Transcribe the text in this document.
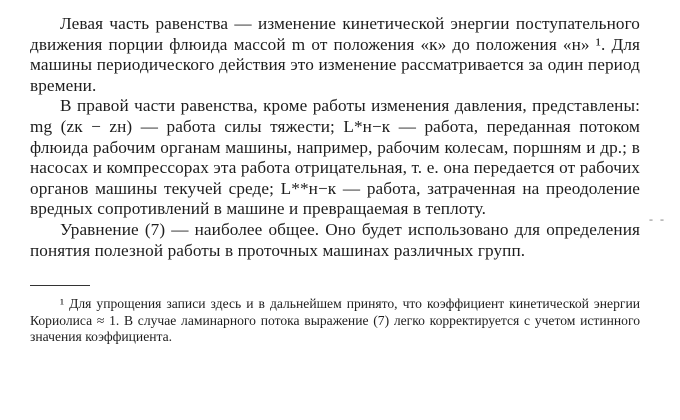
Левая часть равенства — изменение кинетической энергии поступательного движения порции флюида массой m от положения «к» до положения «н» ¹. Для машины периодического действия это изменение рассматривается за один период времени.

В правой части равенства, кроме работы изменения давления, представлены: mg (zк − zн) — работа силы тяжести; L*н−к — работа, переданная потоком флюида рабочим органам машины, например, рабочим колесам, поршням и др.; в насосах и компрессорах эта работа отрицательная, т. е. она передается от рабочих органов машины текучей среде; L**н−к — работа, затраченная на преодоление вредных сопротивлений в машине и превращаемая в теплоту.

Уравнение (7) — наиболее общее. Оно будет использовано для определения понятия полезной работы в проточных машинах различных групп.

¹ Для упрощения записи здесь и в дальнейшем принято, что коэффициент кинетической энергии Кориолиса ≈ 1. В случае ламинарного потока выражение (7) легко корректируется с учетом истинного значения коэффициента.

- -
